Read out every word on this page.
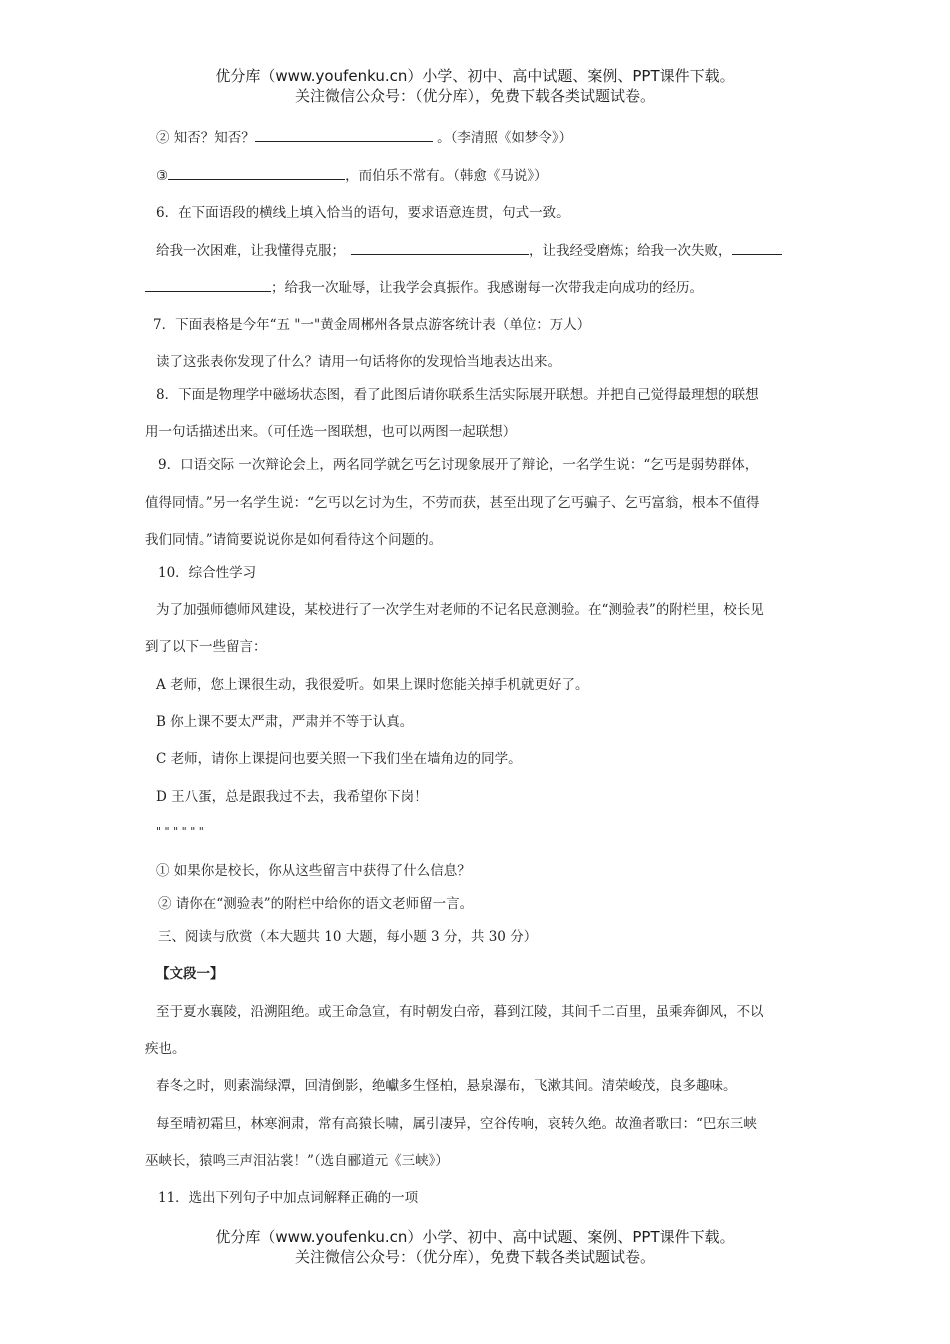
优分库（www.youfenku.cn）小学、初中、高中试题、案例、PPT课件下载。
关注微信公众号：（优分库），免费下载各类试题试卷。
② 知否？知否？	。（李清照《如梦令》）
③	，而伯乐不常有。（韩愈《马说》）
6．在下面语段的横线上填入恰当的语句，要求语意连贯，句式一致。
给我一次困难，让我懂得克服；	，让我经受磨炼；给我一次失败，
；给我一次耻辱，让我学会真振作。我感谢每一次带我走向成功的经历。
7．下面表格是今年“五 "一"黄金周郴州各景点游客统计表（单位：万人）
读了这张表你发现了什么？请用一句话将你的发现恰当地表达出来。
8．下面是物理学中磁场状态图，看了此图后请你联系生活实际展开联想。并把自己觉得最理想的联想
用一句话描述出来。（可任选一图联想，也可以两图一起联想）
9．口语交际 一次辩论会上，两名同学就乞丐乞讨现象展开了辩论，一名学生说：“乞丐是弱势群体，
值得同情。”另一名学生说：“乞丐以乞讨为生，不劳而获，甚至出现了乞丐骗子、乞丐富翁，根本不值得
我们同情。”请简要说说你是如何看待这个问题的。
10．综合性学习
为了加强师德师风建设，某校进行了一次学生对老师的不记名民意测验。在“测验表”的附栏里，校长见
到了以下一些留言：
A 老师，您上课很生动，我很爱听。如果上课时您能关掉手机就更好了。
B 你上课不要太严肃，严肃并不等于认真。
C 老师，请你上课提问也要关照一下我们坐在墙角边的同学。
D 王八蛋，总是跟我过不去，我希望你下岗！
" " " " " "
① 如果你是校长，你从这些留言中获得了什么信息？
② 请你在“测验表”的附栏中给你的语文老师留一言。
三、阅读与欣赏（本大题共 10 大题，每小题 3 分，共 30 分）
【文段一】
至于夏水襄陵，沿溯阻绝。或王命急宣，有时朝发白帝，暮到江陵，其间千二百里，虽乘奔御风，不以
疾也。
春冬之时，则素湍绿潭，回清倒影，绝巘多生怪柏，悬泉瀑布，飞漱其间。清荣峻茂，良多趣味。
每至晴初霜旦，林寒涧肃，常有高猿长啸，属引凄异，空谷传响，哀转久绝。故渔者歌曰：“巴东三峡
巫峡长，猿鸣三声泪沾裳！”（选自郦道元《三峡》）
11．选出下列句子中加点词解释正确的一项
优分库（www.youfenku.cn）小学、初中、高中试题、案例、PPT课件下载。
关注微信公众号：（优分库），免费下载各类试题试卷。
